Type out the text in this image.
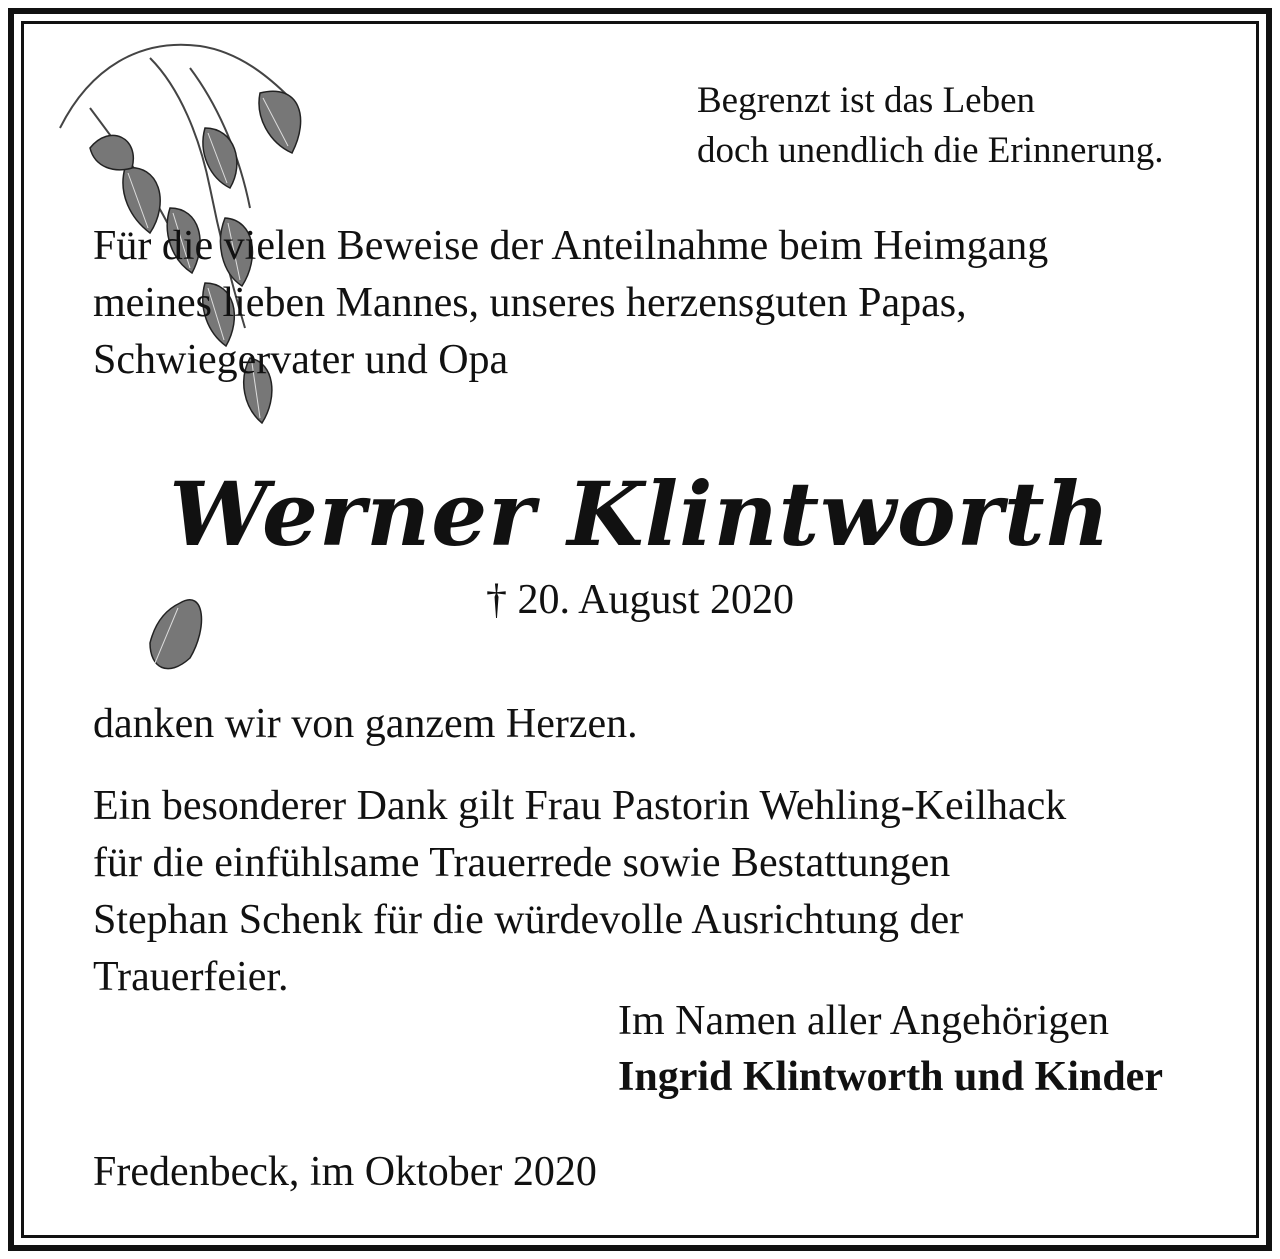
Begrenzt ist das Leben
doch unendlich die Erinnerung.
Für die vielen Beweise der Anteilnahme beim Heimgang
meines lieben Mannes, unseres herzensguten Papas,
Schwiegervater und Opa
Werner Klintworth
† 20. August 2020
danken wir von ganzem Herzen.
Ein besonderer Dank gilt Frau Pastorin Wehling-Keilhack
für die einfühlsame Trauerrede sowie Bestattungen
Stephan Schenk für die würdevolle Ausrichtung der
Trauerfeier.
Im Namen aller Angehörigen
Ingrid Klintworth und Kinder
Fredenbeck, im Oktober 2020
